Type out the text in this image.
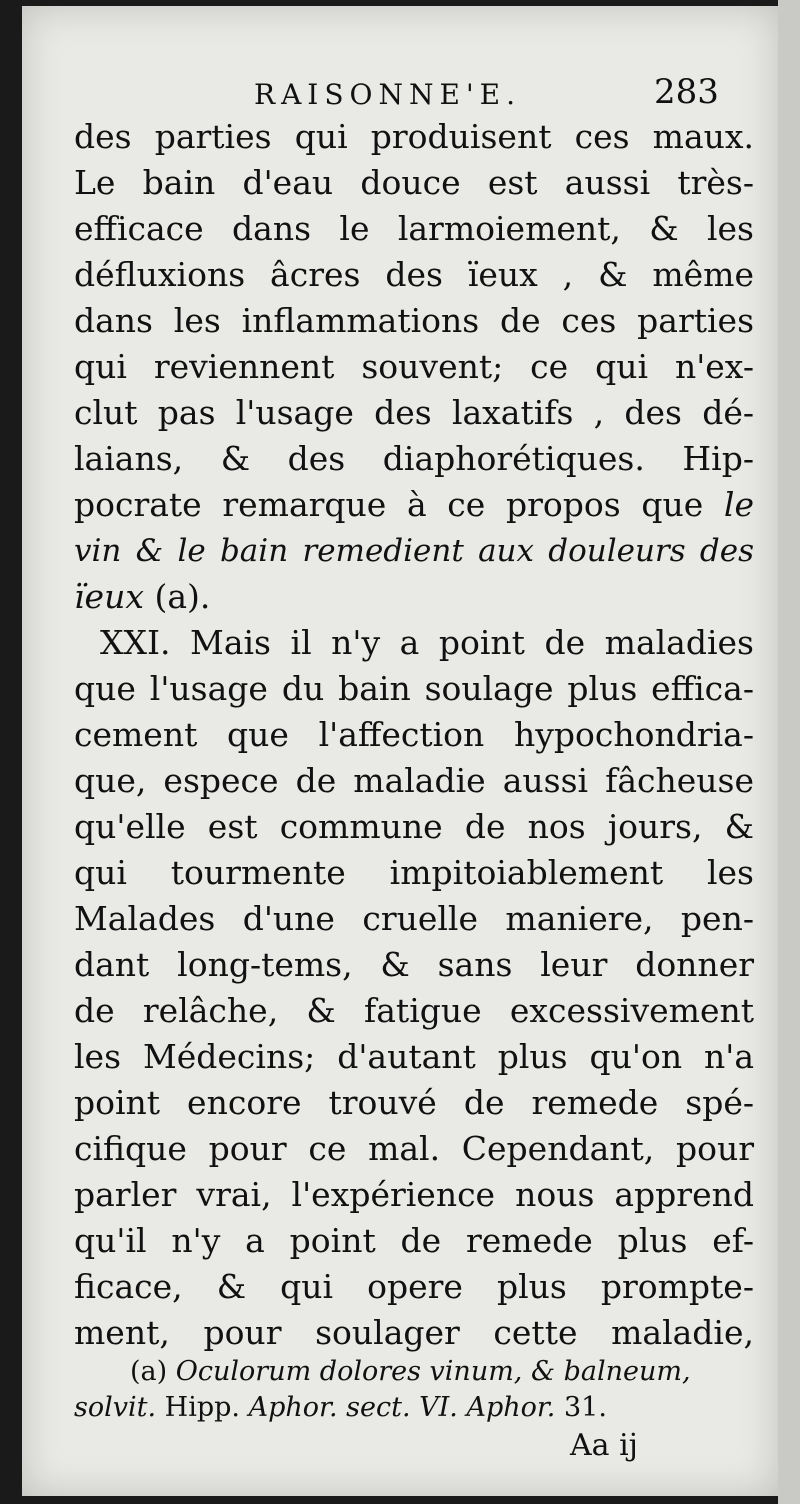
RAISONNE'E.	283
des parties qui produisent ces maux.
Le bain d'eau douce est aussi très-
efficace dans le larmoiement, & les
défluxions âcres des ïeux , & même
dans les inflammations de ces parties
qui reviennent souvent; ce qui n'ex-
clut pas l'usage des laxatifs , des dé-
laians, & des diaphorétiques. Hip-
pocrate remarque à ce propos que le
vin & le bain remedient aux douleurs des
ïeux (a).
XXI. Mais il n'y a point de maladies
que l'usage du bain soulage plus effica-
cement que l'affection hypochondria-
que, espece de maladie aussi fâcheuse
qu'elle est commune de nos jours, &
qui tourmente impitoiablement les
Malades d'une cruelle maniere, pen-
dant long-tems, & sans leur donner
de relâche, & fatigue excessivement
les Médecins; d'autant plus qu'on n'a
point encore trouvé de remede spé-
cifique pour ce mal. Cependant, pour
parler vrai, l'expérience nous apprend
qu'il n'y a point de remede plus ef-
ficace, & qui opere plus prompte-
ment, pour soulager cette maladie,
(a) Oculorum dolores vinum, & balneum,
solvit. Hipp. Aphor. sect. VI. Aphor. 31.
Aa ij
